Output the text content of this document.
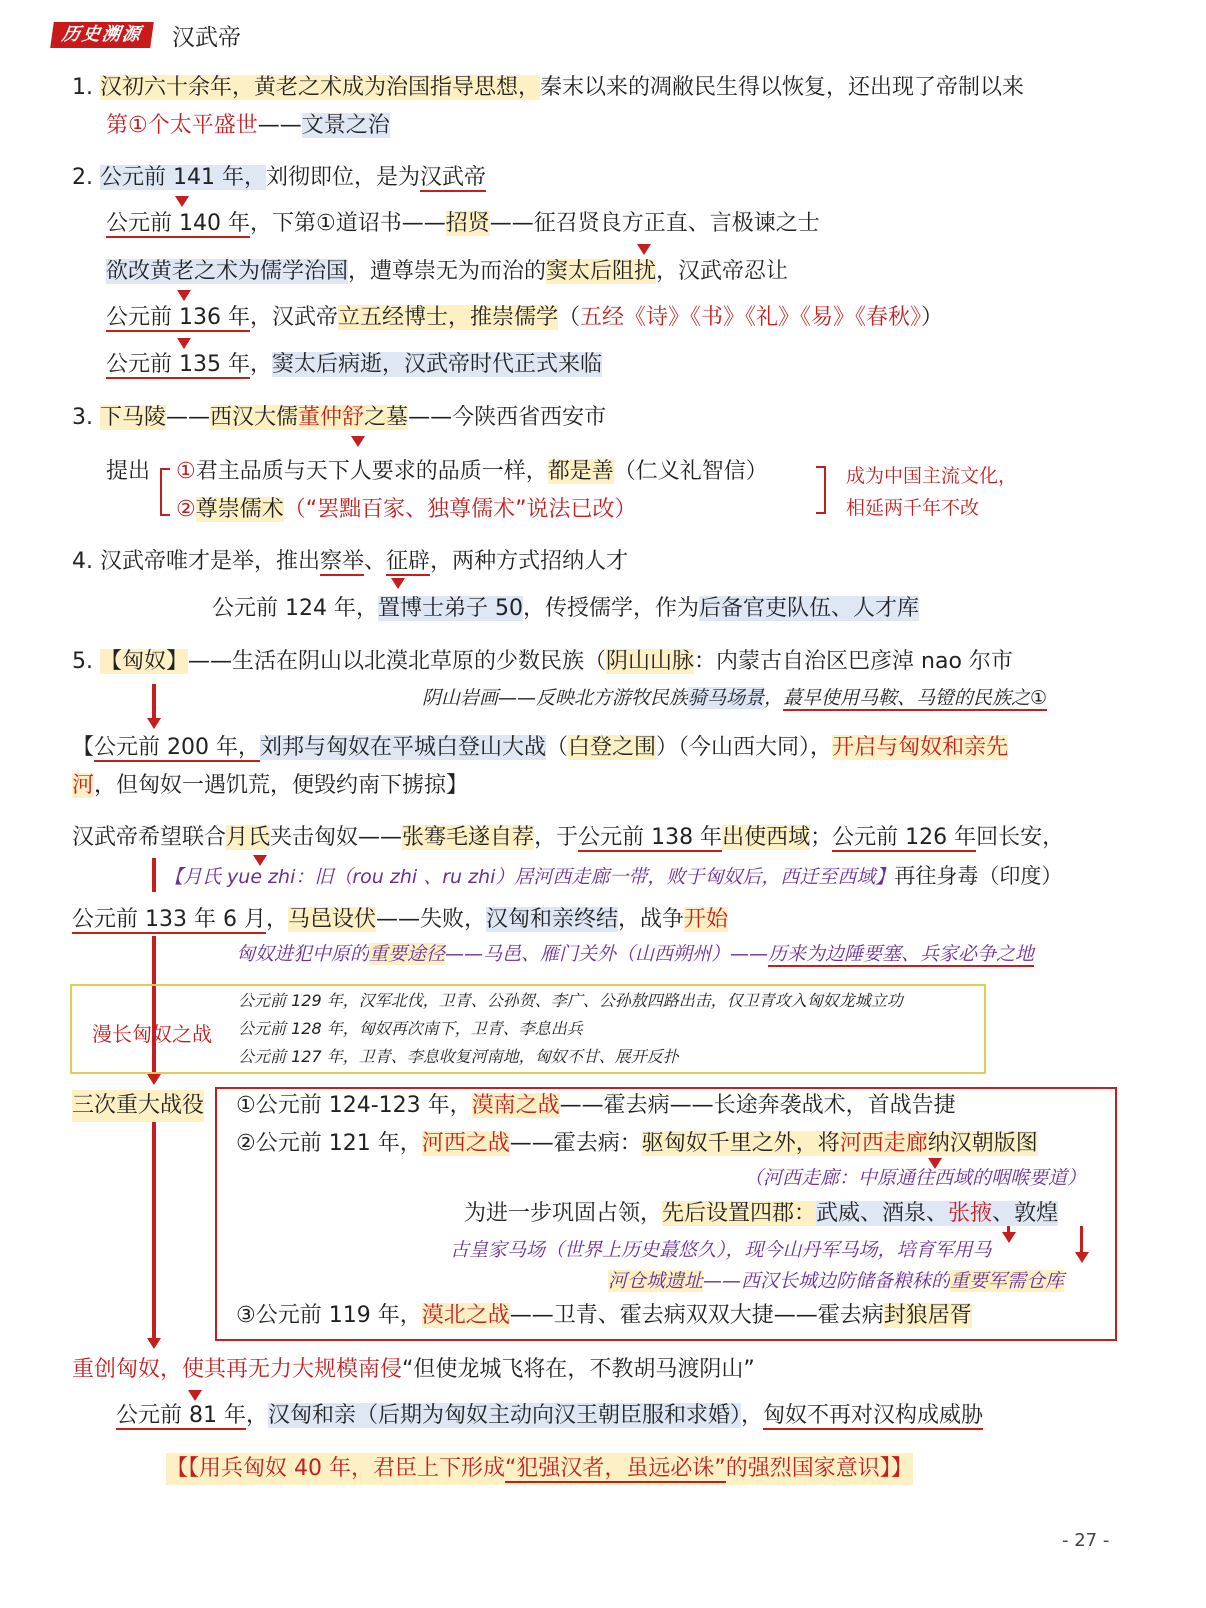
历史溯源	汉武帝
1. 汉初六十余年，黄老之术成为治国指导思想，秦末以来的凋敝民生得以恢复，还出现了帝制以来
第①个太平盛世——文景之治
2. 公元前 141 年，刘彻即位，是为汉武帝
公元前 140 年，下第①道诏书——招贤——征召贤良方正直、言极谏之士
欲改黄老之术为儒学治国，遭尊崇无为而治的窦太后阻扰，汉武帝忍让
公元前 136 年，汉武帝立五经博士，推崇儒学（五经《诗》《书》《礼》《易》《春秋》）
公元前 135 年，窦太后病逝，汉武帝时代正式来临
3. 下马陵——西汉大儒董仲舒之墓——今陕西省西安市
提出 ①君主品质与天下人要求的品质一样，都是善（仁义礼智信）
②尊崇儒术（“罢黜百家、独尊儒术”说法已改）
成为中国主流文化，
相延两千年不改
4. 汉武帝唯才是举，推出察举、征辟，两种方式招纳人才
公元前 124 年，置博士弟子 50，传授儒学，作为后备官吏队伍、人才库
5. 【匈奴】——生活在阴山以北漠北草原的少数民族（阴山山脉：内蒙古自治区巴彦淖 nao 尔市
阴山岩画——反映北方游牧民族骑马场景，蕞早使用马鞍、马镫的民族之①
【公元前 200 年，刘邦与匈奴在平城白登山大战（白登之围）（今山西大同），开启与匈奴和亲先
河，但匈奴一遇饥荒，便毁约南下掳掠】
汉武帝希望联合月氏夹击匈奴——张骞毛遂自荐，于公元前 138 年出使西域；公元前 126 年回长安，
【月氏 yue zhi：旧（rou zhi 、ru zhi）居河西走廊一带，败于匈奴后，西迁至西域】再往身毒（印度）
公元前 133 年 6 月，马邑设伏——失败，汉匈和亲终结，战争开始
匈奴进犯中原的重要途径——马邑、雁门关外（山西朔州）——历来为边陲要塞、兵家必争之地
漫长匈奴之战
公元前 129 年，汉军北伐，卫青、公孙贺、李广、公孙敖四路出击，仅卫青攻入匈奴龙城立功
公元前 128 年，匈奴再次南下，卫青、李息出兵
公元前 127 年，卫青、李息收复河南地，匈奴不甘、展开反扑
三次重大战役 ①公元前 124-123 年，漠南之战——霍去病——长途奔袭战术，首战告捷
②公元前 121 年，河西之战——霍去病：驱匈奴千里之外，将河西走廊纳汉朝版图
（河西走廊：中原通往西域的咽喉要道）
为进一步巩固占领，先后设置四郡：武威、酒泉、张掖、敦煌
古皇家马场（世界上历史蕞悠久），现今山丹军马场，培育军用马
河仓城遗址——西汉长城边防储备粮秣的重要军需仓库
③公元前 119 年，漠北之战——卫青、霍去病双双大捷——霍去病封狼居胥
重创匈奴，使其再无力大规模南侵“但使龙城飞将在，不教胡马渡阴山”
公元前 81 年，汉匈和亲（后期为匈奴主动向汉王朝臣服和求婚），匈奴不再对汉构成威胁
【【用兵匈奴 40 年，君臣上下形成“犯强汉者，虽远必诛”的强烈国家意识】】
- 27 -
